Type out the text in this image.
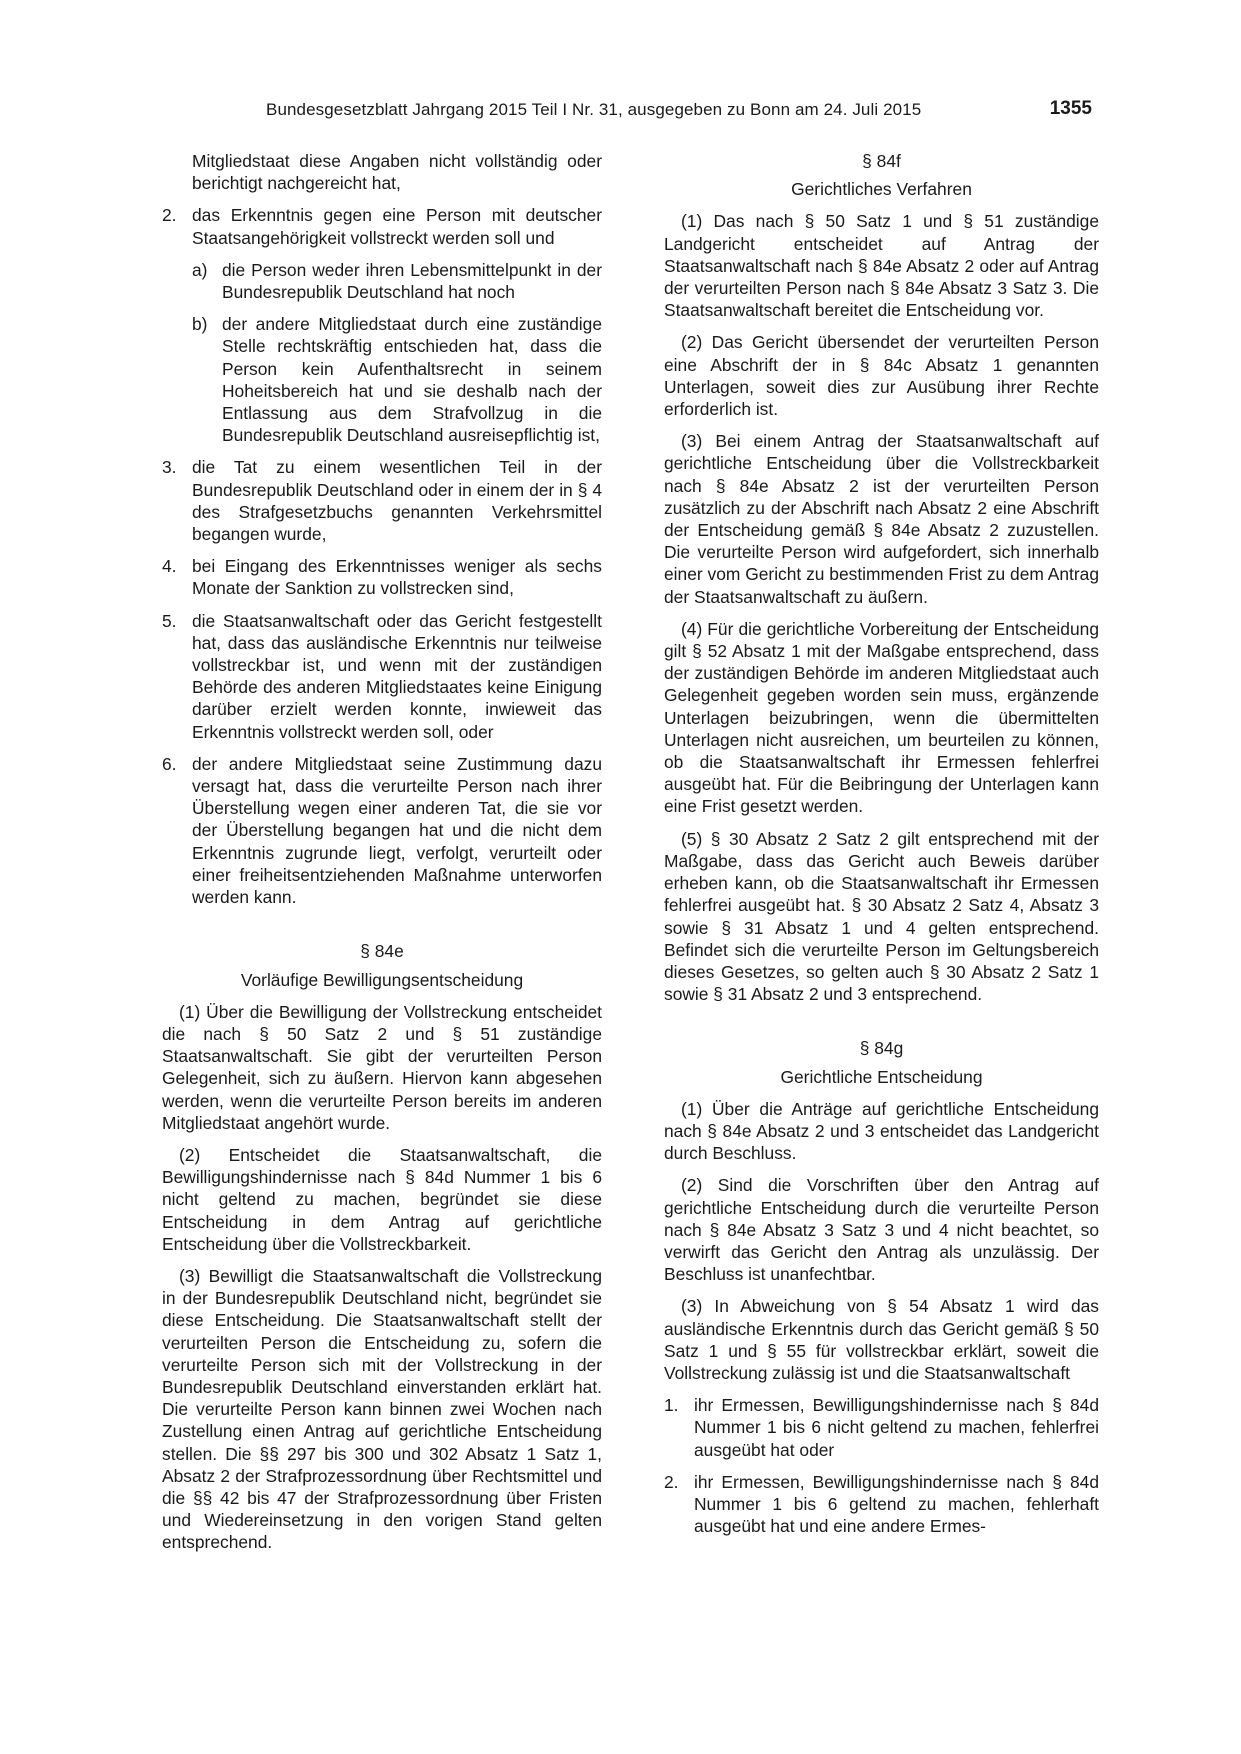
Bundesgesetzblatt Jahrgang 2015 Teil I Nr. 31, ausgegeben zu Bonn am 24. Juli 2015	1355
Mitgliedstaat diese Angaben nicht vollständig oder berichtigt nachgereicht hat,
2. das Erkenntnis gegen eine Person mit deutscher Staatsangehörigkeit vollstreckt werden soll und
a) die Person weder ihren Lebensmittelpunkt in der Bundesrepublik Deutschland hat noch
b) der andere Mitgliedstaat durch eine zuständige Stelle rechtskräftig entschieden hat, dass die Person kein Aufenthaltsrecht in seinem Hoheitsbereich hat und sie deshalb nach der Entlassung aus dem Strafvollzug in die Bundesrepublik Deutschland ausreisepflichtig ist,
3. die Tat zu einem wesentlichen Teil in der Bundesrepublik Deutschland oder in einem der in § 4 des Strafgesetzbuchs genannten Verkehrsmittel begangen wurde,
4. bei Eingang des Erkenntnisses weniger als sechs Monate der Sanktion zu vollstrecken sind,
5. die Staatsanwaltschaft oder das Gericht festgestellt hat, dass das ausländische Erkenntnis nur teilweise vollstreckbar ist, und wenn mit der zuständigen Behörde des anderen Mitgliedstaates keine Einigung darüber erzielt werden konnte, inwieweit das Erkenntnis vollstreckt werden soll, oder
6. der andere Mitgliedstaat seine Zustimmung dazu versagt hat, dass die verurteilte Person nach ihrer Überstellung wegen einer anderen Tat, die sie vor der Überstellung begangen hat und die nicht dem Erkenntnis zugrunde liegt, verfolgt, verurteilt oder einer freiheitsentziehenden Maßnahme unterworfen werden kann.
§ 84e
Vorläufige Bewilligungsentscheidung

(1) Über die Bewilligung der Vollstreckung entscheidet die nach § 50 Satz 2 und § 51 zuständige Staatsanwaltschaft. Sie gibt der verurteilten Person Gelegenheit, sich zu äußern. Hiervon kann abgesehen werden, wenn die verurteilte Person bereits im anderen Mitgliedstaat angehört wurde.

(2) Entscheidet die Staatsanwaltschaft, die Bewilligungshindernisse nach § 84d Nummer 1 bis 6 nicht geltend zu machen, begründet sie diese Entscheidung in dem Antrag auf gerichtliche Entscheidung über die Vollstreckbarkeit.

(3) Bewilligt die Staatsanwaltschaft die Vollstreckung in der Bundesrepublik Deutschland nicht, begründet sie diese Entscheidung. Die Staatsanwaltschaft stellt der verurteilten Person die Entscheidung zu, sofern die verurteilte Person sich mit der Vollstreckung in der Bundesrepublik Deutschland einverstanden erklärt hat. Die verurteilte Person kann binnen zwei Wochen nach Zustellung einen Antrag auf gerichtliche Entscheidung stellen. Die §§ 297 bis 300 und 302 Absatz 1 Satz 1, Absatz 2 der Strafprozessordnung über Rechtsmittel und die §§ 42 bis 47 der Strafprozessordnung über Fristen und Wiedereinsetzung in den vorigen Stand gelten entsprechend.

§ 84f
Gerichtliches Verfahren

(1) Das nach § 50 Satz 1 und § 51 zuständige Landgericht entscheidet auf Antrag der Staatsanwaltschaft nach § 84e Absatz 2 oder auf Antrag der verurteilten Person nach § 84e Absatz 3 Satz 3. Die Staatsanwaltschaft bereitet die Entscheidung vor.

(2) Das Gericht übersendet der verurteilten Person eine Abschrift der in § 84c Absatz 1 genannten Unterlagen, soweit dies zur Ausübung ihrer Rechte erforderlich ist.

(3) Bei einem Antrag der Staatsanwaltschaft auf gerichtliche Entscheidung über die Vollstreckbarkeit nach § 84e Absatz 2 ist der verurteilten Person zusätzlich zu der Abschrift nach Absatz 2 eine Abschrift der Entscheidung gemäß § 84e Absatz 2 zuzustellen. Die verurteilte Person wird aufgefordert, sich innerhalb einer vom Gericht zu bestimmenden Frist zu dem Antrag der Staatsanwaltschaft zu äußern.

(4) Für die gerichtliche Vorbereitung der Entscheidung gilt § 52 Absatz 1 mit der Maßgabe entsprechend, dass der zuständigen Behörde im anderen Mitgliedstaat auch Gelegenheit gegeben worden sein muss, ergänzende Unterlagen beizubringen, wenn die übermittelten Unterlagen nicht ausreichen, um beurteilen zu können, ob die Staatsanwaltschaft ihr Ermessen fehlerfrei ausgeübt hat. Für die Beibringung der Unterlagen kann eine Frist gesetzt werden.

(5) § 30 Absatz 2 Satz 2 gilt entsprechend mit der Maßgabe, dass das Gericht auch Beweis darüber erheben kann, ob die Staatsanwaltschaft ihr Ermessen fehlerfrei ausgeübt hat. § 30 Absatz 2 Satz 4, Absatz 3 sowie § 31 Absatz 1 und 4 gelten entsprechend. Befindet sich die verurteilte Person im Geltungsbereich dieses Gesetzes, so gelten auch § 30 Absatz 2 Satz 1 sowie § 31 Absatz 2 und 3 entsprechend.

§ 84g
Gerichtliche Entscheidung

(1) Über die Anträge auf gerichtliche Entscheidung nach § 84e Absatz 2 und 3 entscheidet das Landgericht durch Beschluss.

(2) Sind die Vorschriften über den Antrag auf gerichtliche Entscheidung durch die verurteilte Person nach § 84e Absatz 3 Satz 3 und 4 nicht beachtet, so verwirft das Gericht den Antrag als unzulässig. Der Beschluss ist unanfechtbar.

(3) In Abweichung von § 54 Absatz 1 wird das ausländische Erkenntnis durch das Gericht gemäß § 50 Satz 1 und § 55 für vollstreckbar erklärt, soweit die Vollstreckung zulässig ist und die Staatsanwaltschaft

1. ihr Ermessen, Bewilligungshindernisse nach § 84d Nummer 1 bis 6 nicht geltend zu machen, fehlerfrei ausgeübt hat oder
2. ihr Ermessen, Bewilligungshindernisse nach § 84d Nummer 1 bis 6 geltend zu machen, fehlerhaft ausgeübt hat und eine andere Ermes-
